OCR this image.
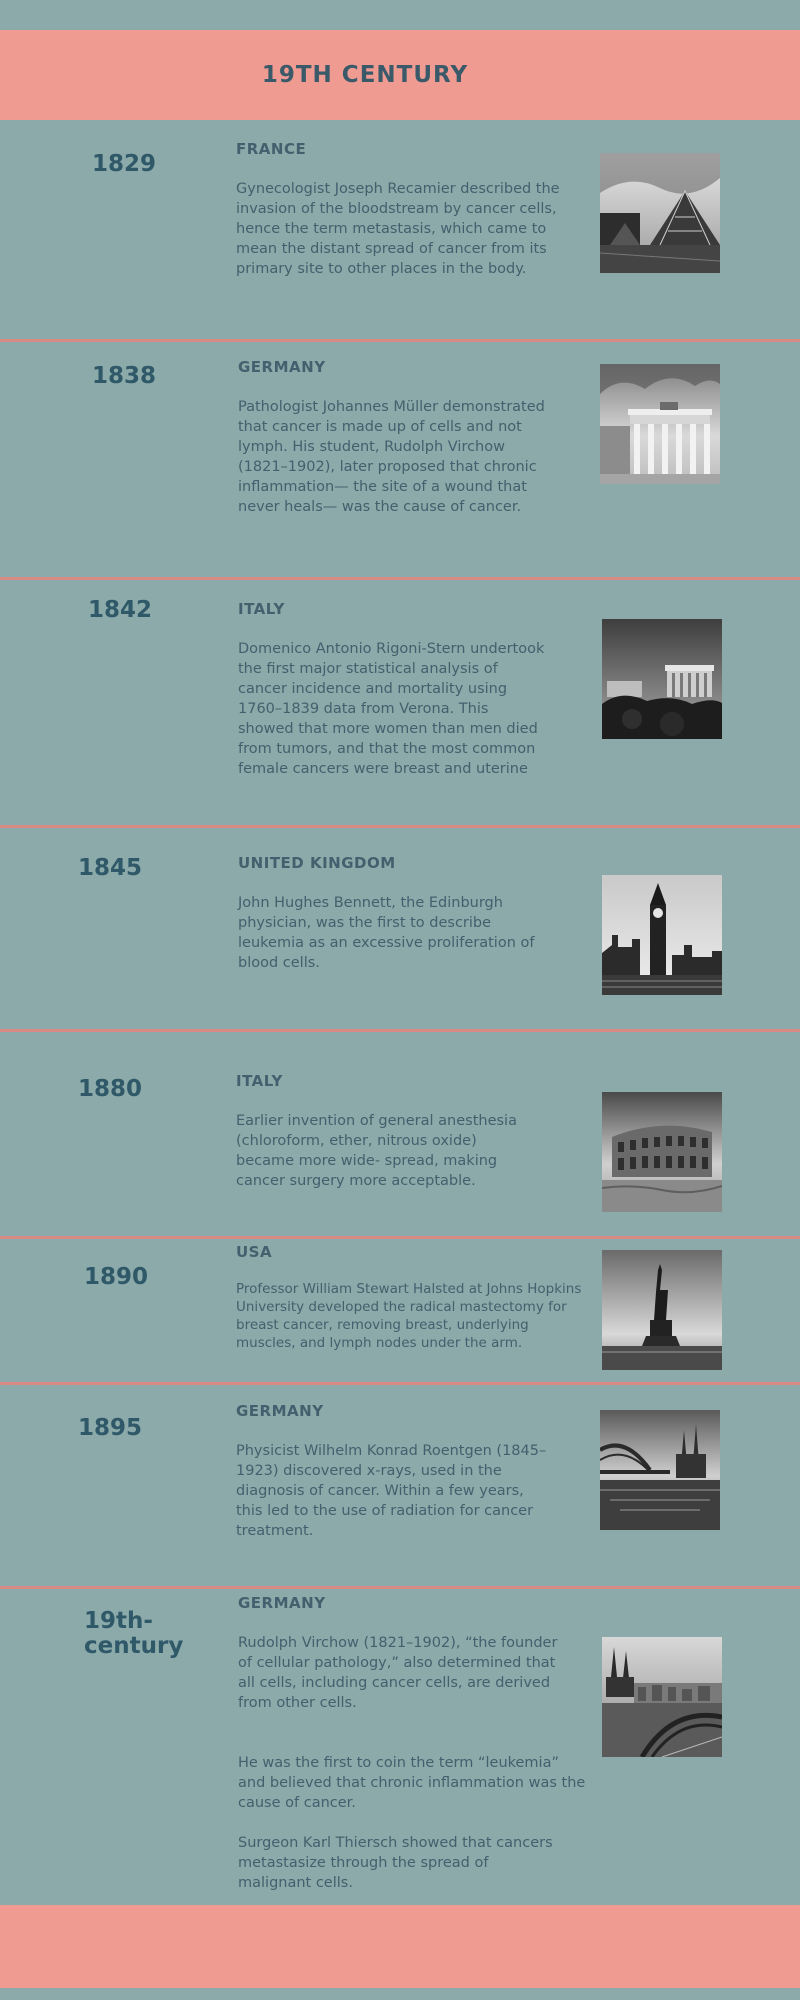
19TH CENTURY
1829
FRANCE

Gynecologist Joseph Recamier described the invasion of the bloodstream by cancer cells, hence the term metastasis, which came to mean the distant spread of cancer from its primary site to other places in the body.

1838	GERMANY

Pathologist Johannes Müller demonstrated that cancer is made up of cells and not lymph. His student, Rudolph Virchow (1821–1902), later proposed that chronic inflammation— the site of a wound that never heals— was the cause of cancer.

1842	ITALY

Domenico Antonio Rigoni-Stern undertook the first major statistical analysis of cancer incidence and mortality using 1760–1839 data from Verona. This showed that more women than men died from tumors, and that the most common female cancers were breast and uterine

1845	UNITED KINGDOM

John Hughes Bennett, the Edinburgh physician, was the first to describe leukemia as an excessive proliferation of blood cells.

1880	ITALY

Earlier invention of general anesthesia (chloroform, ether, nitrous oxide) became more wide- spread, making cancer surgery more acceptable.

1890
USA

Professor William Stewart Halsted at Johns Hopkins University developed the radical mastectomy for breast cancer, removing breast, underlying muscles, and lymph nodes under the arm.

1895
GERMANY

Physicist Wilhelm Konrad Roentgen (1845–1923) discovered x-rays, used in the diagnosis of cancer. Within a few years, this led to the use of radiation for cancer treatment.

19th-
century
GERMANY

Rudolph Virchow (1821–1902), “the founder of cellular pathology,” also determined that all cells, including cancer cells, are derived from other cells.

He was the first to coin the term “leukemia” and believed that chronic inflammation was the cause of cancer.

Surgeon Karl Thiersch showed that cancers metastasize through the spread of malignant cells.
